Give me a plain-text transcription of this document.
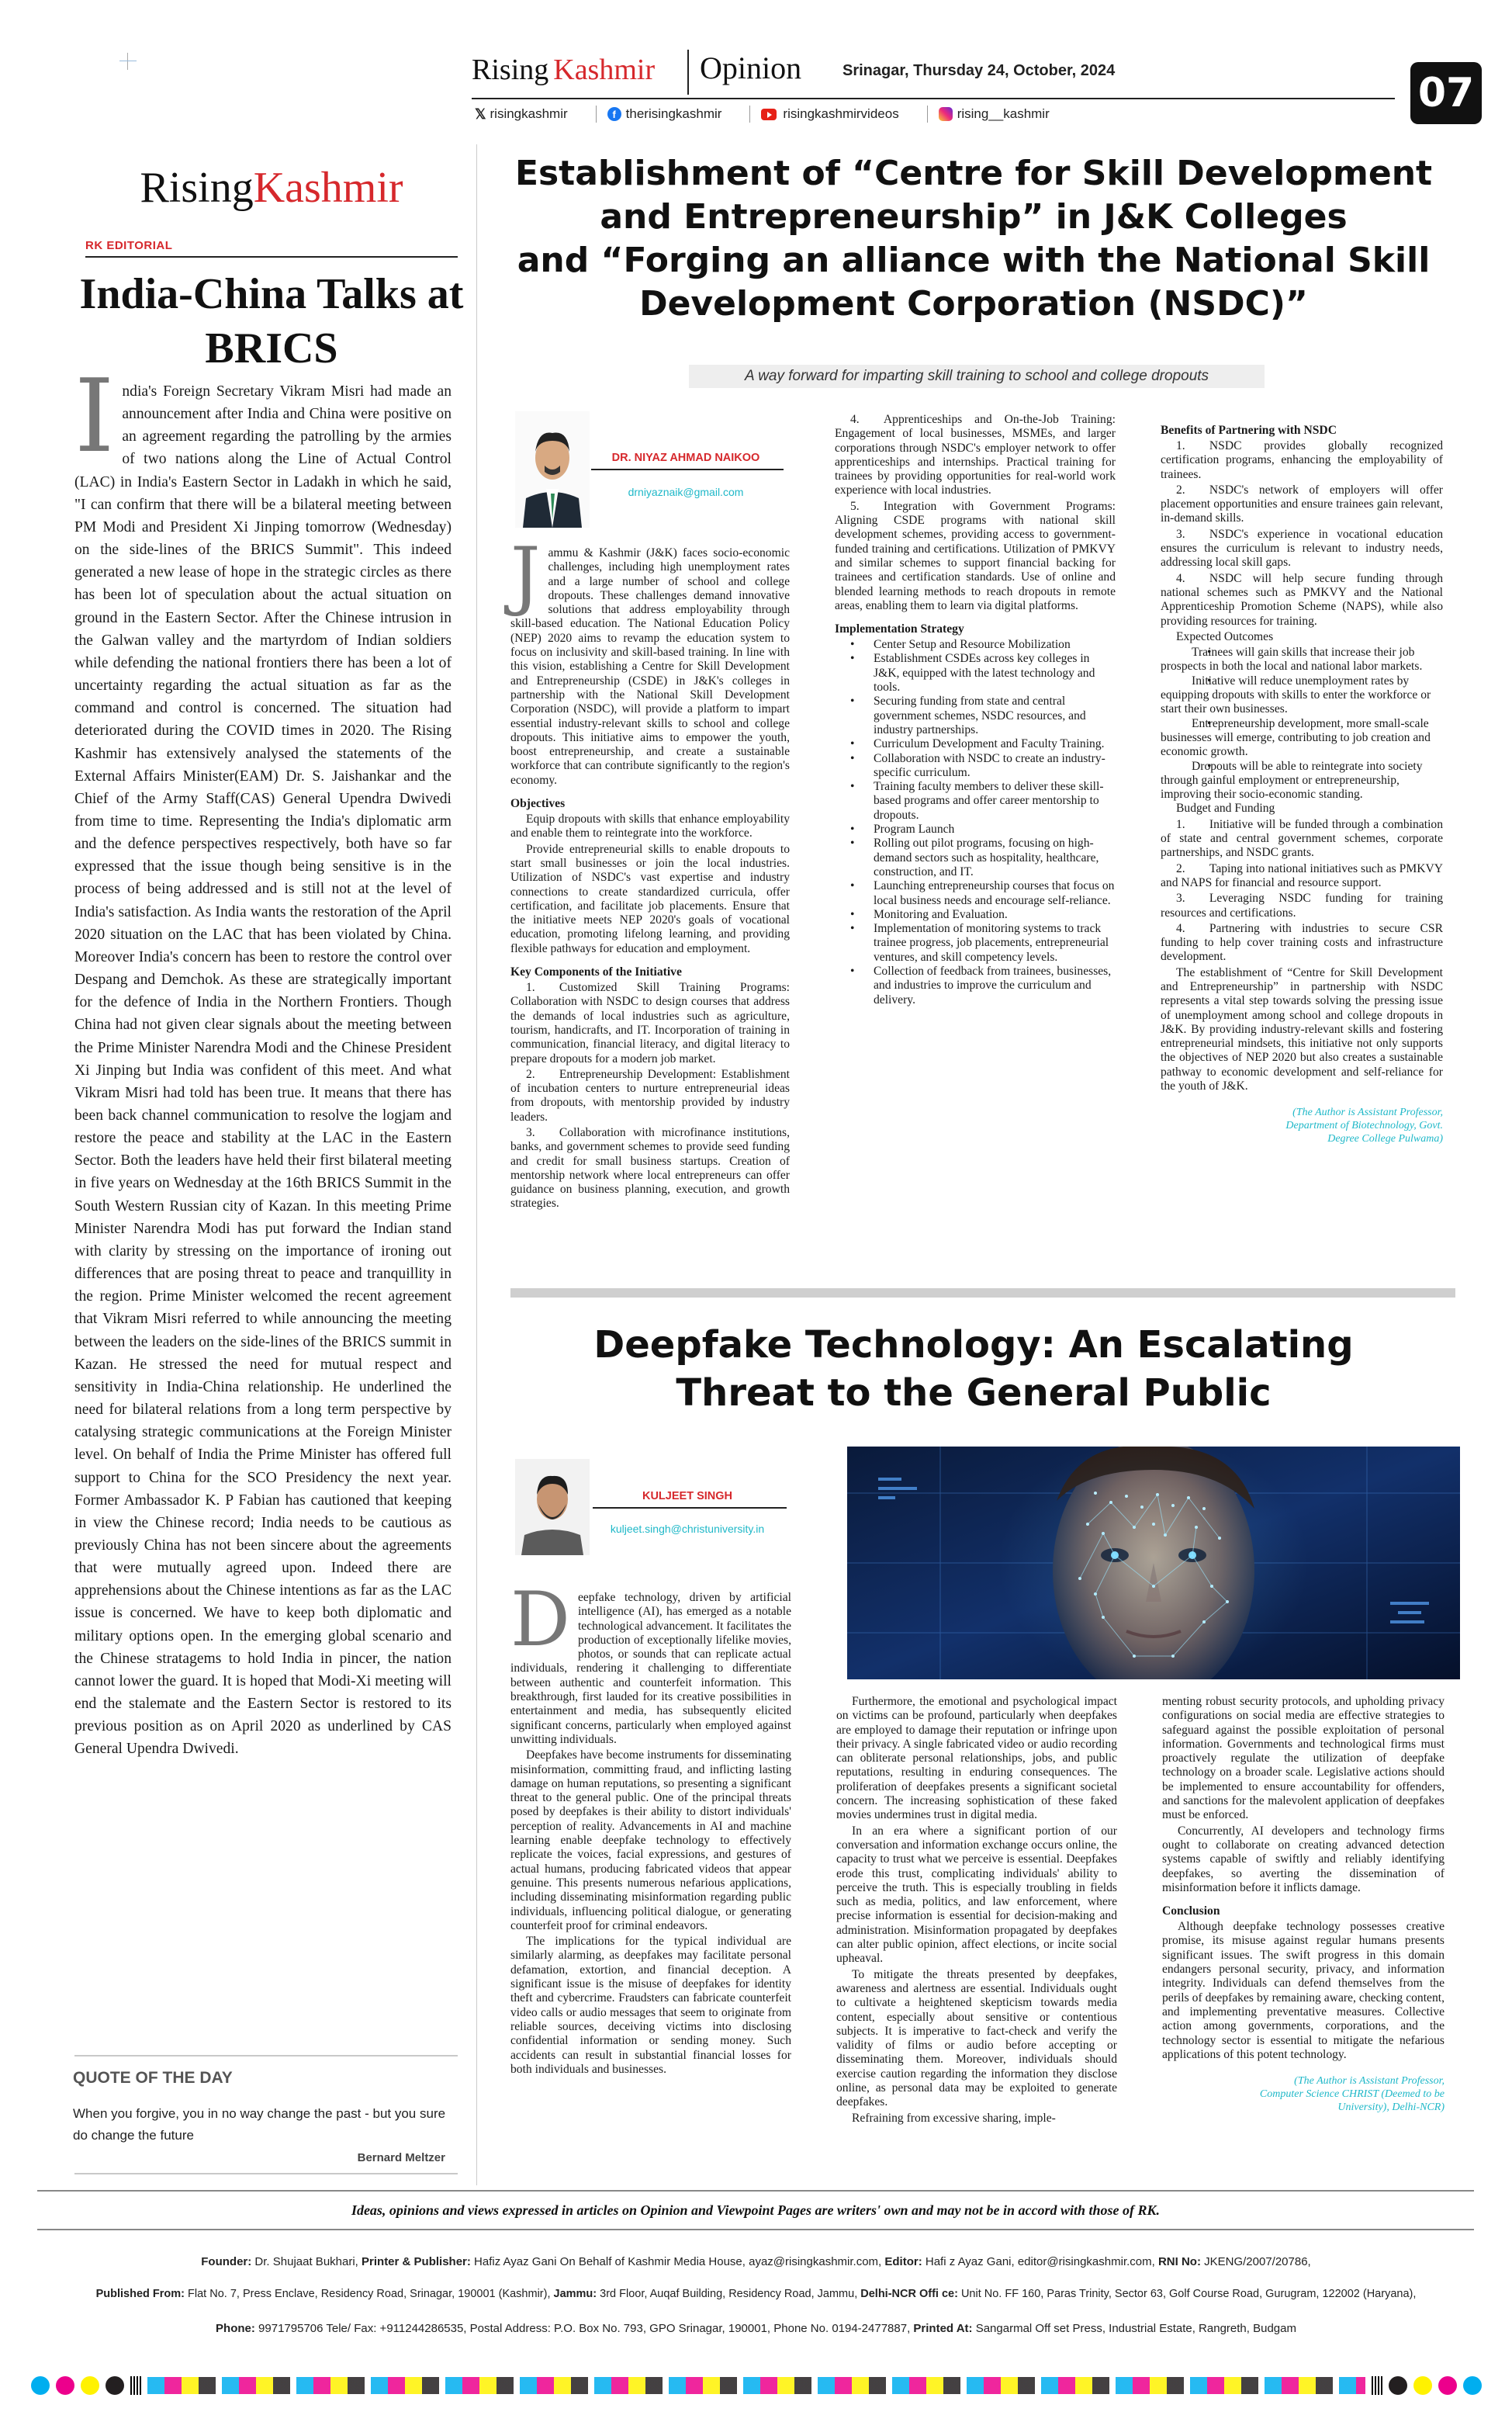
Rising Kashmir Opinion	Srinagar, Thursday 24, October, 2024	07
𝕏 risingkashmir	f therisingkashmir	risingkashmirvideos	rising__kashmir
RisingKashmir
RK EDITORIAL
India-China Talks at BRICS
I ndia's Foreign Secretary Vikram Misri had made an announcement after India and China were positive on an agreement regarding the patrolling by the armies of two nations along the Line of Actual Control (LAC) in India's Eastern Sector in Ladakh in which he said, "I can confirm that there will be a bilateral meeting between PM Modi and President Xi Jinping tomorrow (Wednesday) on the side-lines of the BRICS Summit". This indeed generated a new lease of hope in the strategic circles as there has been lot of speculation about the actual situation on ground in the Eastern Sector. After the Chinese intrusion in the Galwan valley and the martyrdom of Indian soldiers while defending the national frontiers there has been a lot of uncertainty regarding the actual situation as far as the command and control is concerned. The situation had deteriorated during the COVID times in 2020. The Rising Kashmir has extensively analysed the statements of the External Affairs Minister(EAM) Dr. S. Jaishankar and the Chief of the Army Staff(CAS) General Upendra Dwivedi from time to time. Representing the India's diplomatic arm and the defence perspectives respectively, both have so far expressed that the issue though being sensitive is in the process of being addressed and is still not at the level of India's satisfaction. As India wants the restoration of the April 2020 situation on the LAC that has been violated by China. Moreover India's concern has been to restore the control over Despang and Demchok. As these are strategically important for the defence of India in the Northern Frontiers. Though China had not given clear signals about the meeting between the Prime Minister Narendra Modi and the Chinese President Xi Jinping but India was confident of this meet. And what Vikram Misri had told has been true. It means that there has been back channel communication to resolve the logjam and restore the peace and stability at the LAC in the Eastern Sector. Both the leaders have held their first bilateral meeting in five years on Wednesday at the 16th BRICS Summit in the South Western Russian city of Kazan. In this meeting Prime Minister Narendra Modi has put forward the Indian stand with clarity by stressing on the importance of ironing out differences that are posing threat to peace and tranquillity in the region. Prime Minister welcomed the recent agreement that Vikram Misri referred to while announcing the meeting between the leaders on the side-lines of the BRICS summit in Kazan. He stressed the need for mutual respect and sensitivity in India-China relationship. He underlined the need for bilateral relations from a long term perspective by catalysing strategic communications at the Foreign Minister level. On behalf of India the Prime Minister has offered full support to China for the SCO Presidency the next year. Former Ambassador K. P Fabian has cautioned that keeping in view the Chinese record; India needs to be cautious as previously China has not been sincere about the agreements that were mutually agreed upon. Indeed there are apprehensions about the Chinese intentions as far as the LAC issue is concerned. We have to keep both diplomatic and military options open. In the emerging global scenario and the Chinese stratagems to hold India in pincer, the nation cannot lower the guard. It is hoped that Modi-Xi meeting will end the stalemate and the Eastern Sector is restored to its previous position as on April 2020 as underlined by CAS General Upendra Dwivedi.

QUOTE OF THE DAY
When you forgive, you in no way change the past - but you sure do change the future
Bernard Meltzer
Establishment of “Centre for Skill Development
and Entrepreneurship” in J&K Colleges
and “Forging an alliance with the National Skill
Development Corporation (NSDC)”
A way forward for imparting skill training to school and college dropouts
DR. NIYAZ AHMAD NAIKOO
drniyaznaik@gmail.com

Jammu & Kashmir (J&K) faces socio-economic challenges, including high unemployment rates and a large number of school and college dropouts. These challenges demand innovative solutions that address employability through skill-based education. The National Education Policy (NEP) 2020 aims to revamp the education system to focus on inclusivity and skill-based training. In line with this vision, establishing a Centre for Skill Development and Entrepreneurship (CSDE) in J&K's colleges in partnership with the National Skill Development Corporation (NSDC), will provide a platform to impart essential industry-relevant skills to school and college dropouts. This initiative aims to empower the youth, boost entrepreneurship, and create a sustainable workforce that can contribute significantly to the region's economy.

Objectives

Equip dropouts with skills that enhance employability and enable them to reintegrate into the workforce.

Provide entrepreneurial skills to enable dropouts to start small businesses or join the local industries. Utilization of NSDC's vast expertise and industry connections to create standardized curricula, offer certification, and facilitate job placements. Ensure that the initiative meets NEP 2020's goals of vocational education, promoting lifelong learning, and providing flexible pathways for education and employment.

Key Components of the Initiative

1.  Customized Skill Training Programs: Collaboration with NSDC to design courses that address the demands of local industries such as agriculture, tourism, handicrafts, and IT. Incorporation of training in communication, financial literacy, and digital literacy to prepare dropouts for a modern job market.

2.  Entrepreneurship Development: Establishment of incubation centers to nurture entrepreneurial ideas from dropouts, with mentorship provided by industry leaders.

3.  Collaboration with microfinance institutions, banks, and government schemes to provide seed funding and credit for small business startups. Creation of mentorship network where local entrepreneurs can offer guidance on business planning, execution, and growth strategies.

4.  Apprenticeships and On-the-Job Training: Engagement of local businesses, MSMEs, and larger corporations through NSDC's employer network to offer apprenticeships and internships. Practical training for trainees by providing opportunities for real-world work experience with local industries.

5.  Integration with Government Programs: Aligning CSDE programs with national skill development schemes, providing access to government-funded training and certifications. Utilization of PMKVY and similar schemes to support financial backing for trainees and certification standards. Use of online and blended learning methods to reach dropouts in remote areas, enabling them to learn via digital platforms.

Implementation Strategy
• Center Setup and Resource Mobilization
• Establishment CSDEs across key colleges in J&K, equipped with the latest technology and tools.
• Securing funding from state and central government schemes, NSDC resources, and industry partnerships.
• Curriculum Development and Faculty Training.
• Collaboration with NSDC to create an industry-specific curriculum.
• Training faculty members to deliver these skill-based programs and offer career mentorship to dropouts.
• Program Launch
• Rolling out pilot programs, focusing on high-demand sectors such as hospitality, healthcare, construction, and IT.
• Launching entrepreneurship courses that focus on local business needs and encourage self-reliance.
• Monitoring and Evaluation.
• Implementation of monitoring systems to track trainee progress, job placements, entrepreneurial ventures, and skill competency levels.
• Collection of feedback from trainees, businesses, and industries to improve the curriculum and delivery.
Benefits of Partnering with NSDC

1.  NSDC provides globally recognized certification programs, enhancing the employability of trainees.

2.  NSDC's network of employers will offer placement opportunities and ensure trainees gain relevant, in-demand skills.

3.  NSDC's experience in vocational education ensures the curriculum is relevant to industry needs, addressing local skill gaps.

4.  NSDC will help secure funding through national schemes such as PMKVY and the National Apprenticeship Promotion Scheme (NAPS), while also providing resources for training.

Expected Outcomes

• Trainees will gain skills that increase their job prospects in both the local and national labor markets.
• Initiative will reduce unemployment rates by equipping dropouts with skills to enter the workforce or start their own businesses.
• Entrepreneurship development, more small-scale businesses will emerge, contributing to job creation and economic growth.
• Dropouts will be able to reintegrate into society through gainful employment or entrepreneurship, improving their socio-economic standing.

Budget and Funding

1.  Initiative will be funded through a combination of state and central government schemes, corporate partnerships, and NSDC grants.

2.  Taping into national initiatives such as PMKVY and NAPS for financial and resource support.

3.  Leveraging NSDC funding for training resources and certifications.

4.  Partnering with industries to secure CSR funding to help cover training costs and infrastructure development.

The establishment of “Centre for Skill Development and Entrepreneurship” in partnership with NSDC represents a vital step towards solving the pressing issue of unemployment among school and college dropouts in J&K. By providing industry-relevant skills and fostering entrepreneurial mindsets, this initiative not only supports the objectives of NEP 2020 but also creates a sustainable pathway to economic development and self-reliance for the youth of J&K.

(The Author is Assistant Professor,
Department of Biotechnology, Govt.
Degree College Pulwama)
Deepfake Technology: An Escalating
Threat to the General Public
KULJEET SINGH
kuljeet.singh@christuniversity.in

Deepfake technology, driven by artificial intelligence (AI), has emerged as a notable technological advancement. It facilitates the production of exceptionally lifelike movies, photos, or sounds that can replicate actual individuals, rendering it challenging to differentiate between authentic and counterfeit information. This breakthrough, first lauded for its creative possibilities in entertainment and media, has subsequently elicited significant concerns, particularly when employed against unwitting individuals.

Deepfakes have become instruments for disseminating misinformation, committing fraud, and inflicting lasting damage on human reputations, so presenting a significant threat to the general public. One of the principal threats posed by deepfakes is their ability to distort individuals' perception of reality. Advancements in AI and machine learning enable deepfake technology to effectively replicate the voices, facial expressions, and gestures of actual humans, producing fabricated videos that appear genuine. This presents numerous nefarious applications, including disseminating misinformation regarding public individuals, influencing political dialogue, or generating counterfeit proof for criminal endeavors.

The implications for the typical individual are similarly alarming, as deepfakes may facilitate personal defamation, extortion, and financial deception. A significant issue is the misuse of deepfakes for identity theft and cybercrime. Fraudsters can fabricate counterfeit video calls or audio messages that seem to originate from reliable sources, deceiving victims into disclosing confidential information or sending money. Such accidents can result in substantial financial losses for both individuals and businesses.

Furthermore, the emotional and psychological impact on victims can be profound, particularly when deepfakes are employed to damage their reputation or infringe upon their privacy. A single fabricated video or audio recording can obliterate personal relationships, jobs, and public reputations, resulting in enduring consequences. The proliferation of deepfakes presents a significant societal concern. The increasing sophistication of these faked movies undermines trust in digital media.

In an era where a significant portion of our conversation and information exchange occurs online, the capacity to trust what we perceive is essential. Deepfakes erode this trust, complicating individuals' ability to perceive the truth. This is especially troubling in fields such as media, politics, and law enforcement, where precise information is essential for decision-making and administration. Misinformation propagated by deepfakes can alter public opinion, affect elections, or incite social upheaval.

To mitigate the threats presented by deepfakes, awareness and alertness are essential. Individuals ought to cultivate a heightened skepticism towards media content, especially about sensitive or contentious subjects. It is imperative to fact-check and verify the validity of films or audio before accepting or disseminating them. Moreover, individuals should exercise caution regarding the information they disclose online, as personal data may be exploited to generate deepfakes.

Refraining from excessive sharing, imple-

menting robust security protocols, and upholding privacy configurations on social media are effective strategies to safeguard against the possible exploitation of personal information. Governments and technological firms must proactively regulate the utilization of deepfake technology on a broader scale. Legislative actions should be implemented to ensure accountability for offenders, and sanctions for the malevolent application of deepfakes must be enforced.

Concurrently, AI developers and technology firms ought to collaborate on creating advanced detection systems capable of swiftly and reliably identifying deepfakes, so averting the dissemination of misinformation before it inflicts damage.

Conclusion

Although deepfake technology possesses creative promise, its misuse against regular humans presents significant issues. The swift progress in this domain endangers personal security, privacy, and information integrity. Individuals can defend themselves from the perils of deepfakes by remaining aware, checking content, and implementing preventative measures. Collective action among governments, corporations, and the technology sector is essential to mitigate the nefarious applications of this potent technology.

(The Author is Assistant Professor,
Computer Science CHRIST (Deemed to be
University), Delhi-NCR)
Ideas, opinions and views expressed in articles on Opinion and Viewpoint Pages are writers' own and may not be in accord with those of RK.
Founder: Dr. Shujaat Bukhari, Printer & Publisher: Hafiz Ayaz Gani On Behalf of Kashmir Media House, ayaz@risingkashmir.com, Editor: Hafi z Ayaz Gani, editor@risingkashmir.com, RNI No: JKENG/2007/20786,
Published From: Flat No. 7, Press Enclave, Residency Road, Srinagar, 190001 (Kashmir), Jammu: 3rd Floor, Auqaf Building, Residency Road, Jammu, Delhi-NCR Offi ce: Unit No. FF 160, Paras Trinity, Sector 63, Golf Course Road, Gurugram, 122002 (Haryana),
Phone: 9971795706 Tele/ Fax: +911244286535, Postal Address: P.O. Box No. 793, GPO Srinagar, 190001, Phone No. 0194-2477887, Printed At: Sangarmal Off set Press, Industrial Estate, Rangreth, Budgam
